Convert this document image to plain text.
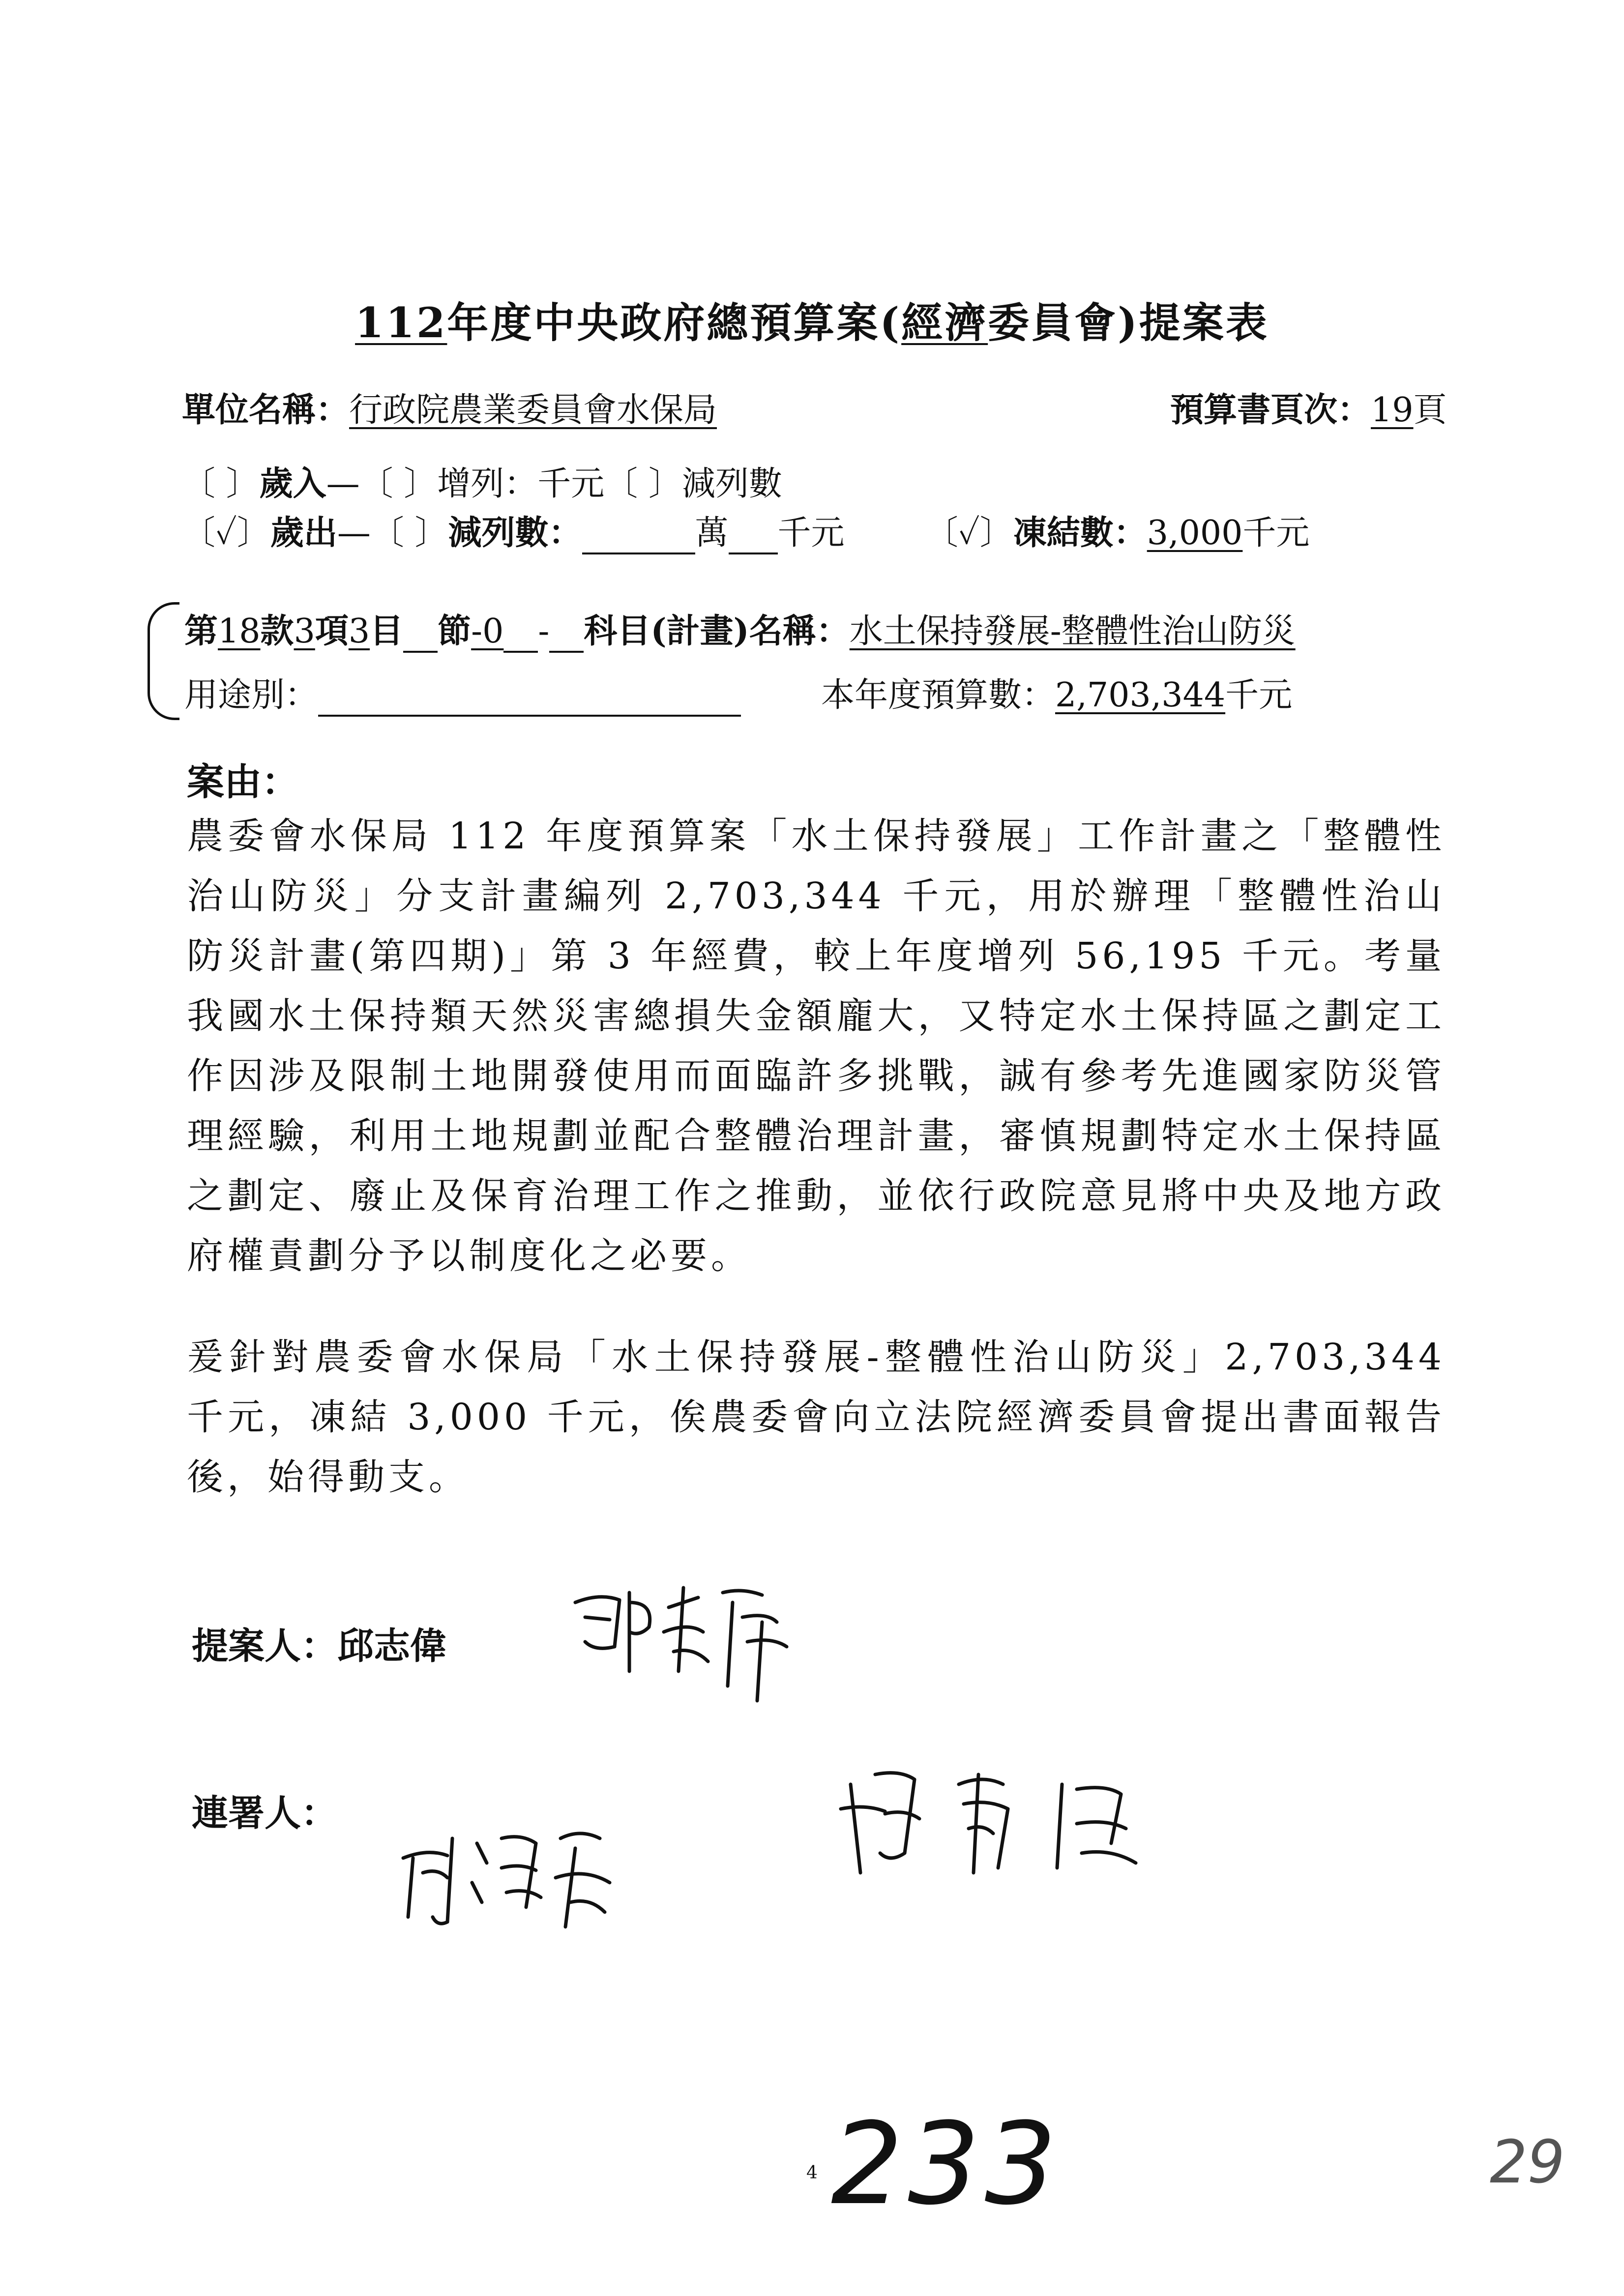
112年度中央政府總預算案(經濟委員會)提案表
單位名稱：行政院農業委員會水保局	預算書頁次：19頁
〔 〕歲入—〔 〕增列：千元〔 〕減列數
〔✓〕歲出—〔 〕減列數：	萬 千元 〔✓〕凍結數：3,000千元
第18款3項3目 節-0 - 科目(計畫)名稱：水土保持發展-整體性治山防災
用途別：	本年度預算數：2,703,344千元
案由：
農委會水保局 112 年度預算案「水土保持發展」工作計畫之「整體性治山防災」分支計畫編列 2,703,344 千元，用於辦理「整體性治山防災計畫(第四期)」第 3 年經費，較上年度增列 56,195 千元。考量我國水土保持類天然災害總損失金額龐大，又特定水土保持區之劃定工作因涉及限制土地開發使用而面臨許多挑戰，誠有參考先進國家防災管理經驗，利用土地規劃並配合整體治理計畫，審慎規劃特定水土保持區之劃定、廢止及保育治理工作之推動，並依行政院意見將中央及地方政府權責劃分予以制度化之必要。
爰針對農委會水保局「水土保持發展-整體性治山防災」2,703,344 千元，凍結 3,000 千元，俟農委會向立法院經濟委員會提出書面報告後，始得動支。
提案人：邱志偉
連署人：
4 233	29
